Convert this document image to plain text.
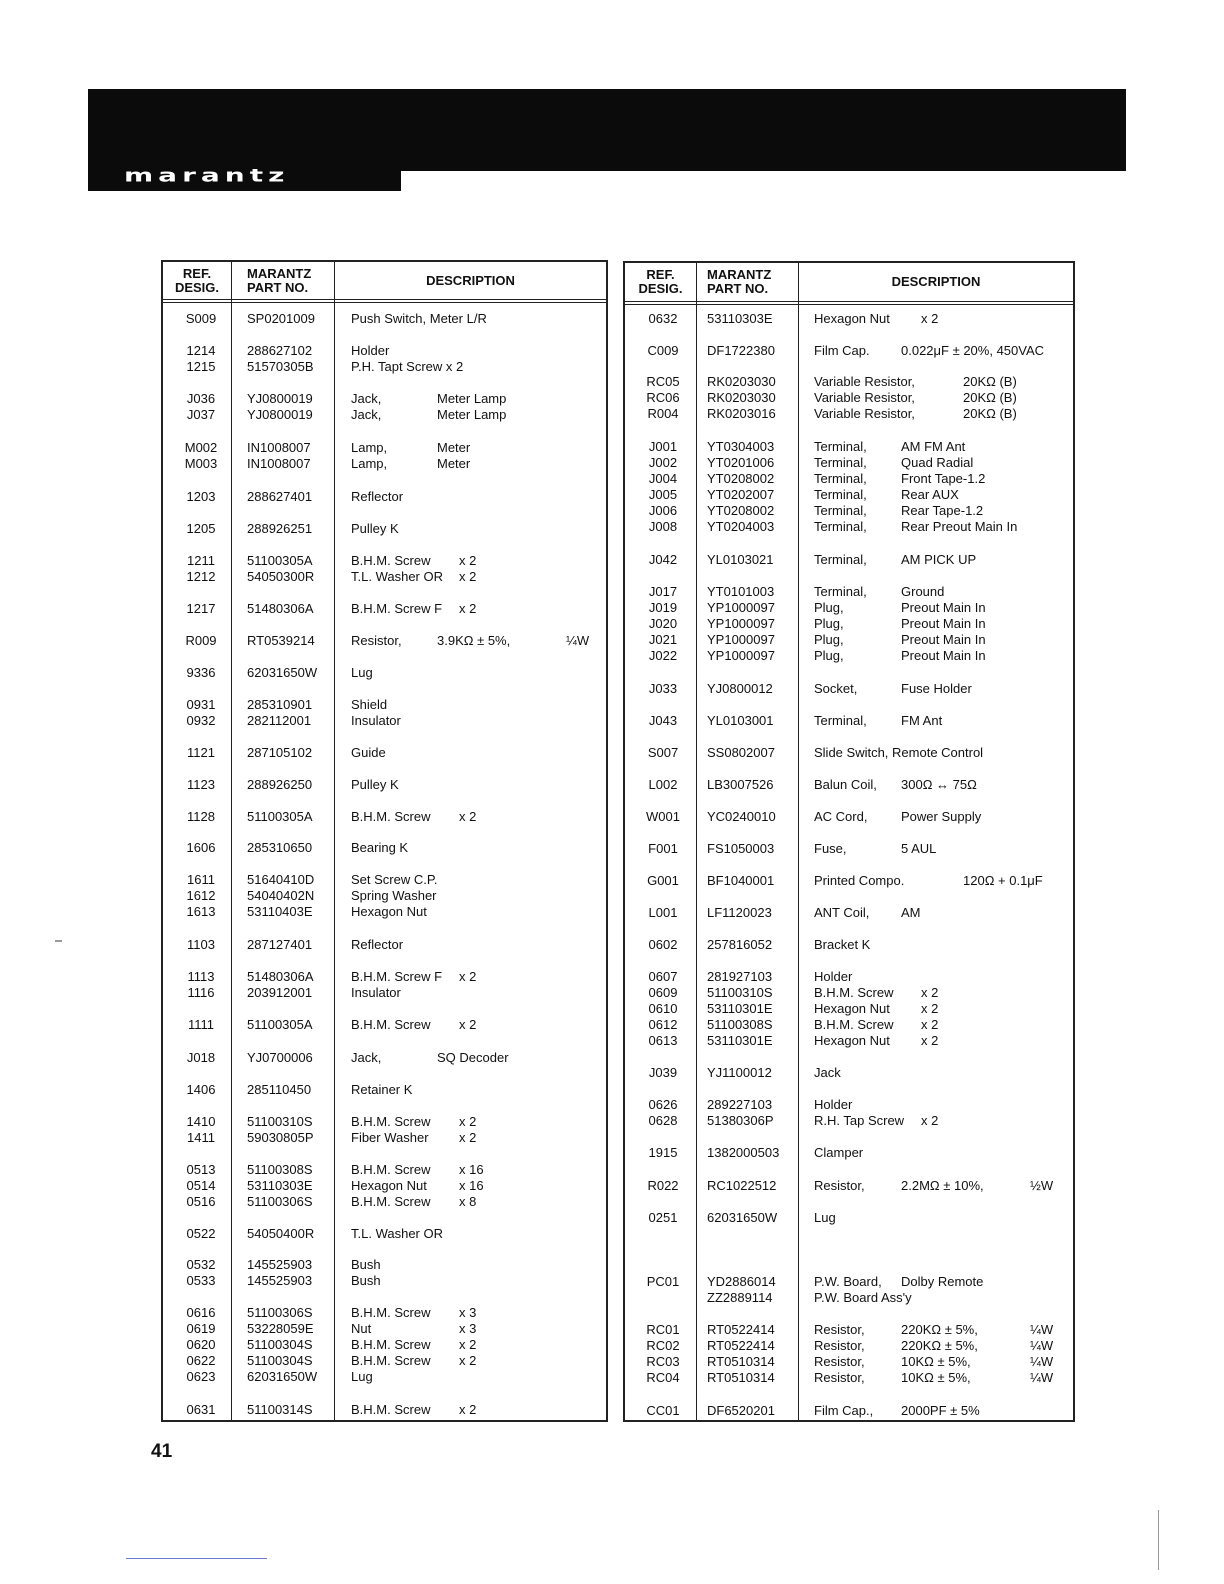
marantz
REF.
DESIG.
MARANTZ
PART NO.	DESCRIPTION
S009	SP0201009	Push Switch, Meter L/R
1214	288627102	Holder
1215	51570305B	P.H. Tapt Screw x 2
J036	YJ0800019	Jack,	Meter Lamp
J037	YJ0800019	Jack,	Meter Lamp
M002	IN1008007	Lamp,	Meter
M003	IN1008007	Lamp,	Meter
1203	288627401	Reflector
1205	288926251	Pulley K
1211	51100305A	B.H.M. Screw x 2
1212	54050300R	T.L. Washer OR x 2
1217	51480306A	B.H.M. Screw F x 2
R009	RT0539214	Resistor,	3.9KΩ ± 5%,	¼W
9336	62031650W	Lug
0931	285310901	Shield
0932	282112001	Insulator
1121	287105102	Guide
1123	288926250	Pulley K
1128	51100305A	B.H.M. Screw x 2
1606	285310650	Bearing K
1611	51640410D	Set Screw C.P.
1612	54040402N	Spring Washer
1613	53110403E	Hexagon Nut
1103	287127401	Reflector
1113	51480306A	B.H.M. Screw F x 2
1116	203912001	Insulator
1111	51100305A	B.H.M. Screw x 2
J018	YJ0700006	Jack,	SQ Decoder
1406	285110450	Retainer K
1410	51100310S	B.H.M. Screw x 2
1411	59030805P	Fiber Washer x 2
0513	51100308S	B.H.M. Screw x 16
0514	53110303E	Hexagon Nut x 16
0516	51100306S	B.H.M. Screw x 8
0522	54050400R	T.L. Washer OR
0532	145525903	Bush
0533	145525903	Bush
0616	51100306S	B.H.M. Screw x 3
0619	53228059E	Nut	x 3
0620	51100304S	B.H.M. Screw x 2
0622	51100304S	B.H.M. Screw x 2
0623	62031650W	Lug
0631	51100314S	B.H.M. Screw x 2
REF.
DESIG.
MARANTZ
PART NO.	DESCRIPTION
0632	53110303E	Hexagon Nut x 2
C009	DF1722380	Film Cap. 0.022μF ± 20%, 450VAC
RC05	RK0203030	Variable Resistor,	20KΩ (B)
RC06	RK0203030	Variable Resistor,	20KΩ (B)
R004	RK0203016	Variable Resistor,	20KΩ (B)
J001	YT0304003	Terminal,	AM FM Ant
J002	YT0201006	Terminal,	Quad Radial
J004	YT0208002	Terminal,	Front Tape-1.2
J005	YT0202007	Terminal,	Rear AUX
J006	YT0208002	Terminal,	Rear Tape-1.2
J008	YT0204003	Terminal,	Rear Preout Main In
J042	YL0103021	Terminal,	AM PICK UP
J017	YT0101003	Terminal,	Ground
J019	YP1000097	Plug,	Preout Main In
J020	YP1000097	Plug,	Preout Main In
J021	YP1000097	Plug,	Preout Main In
J022	YP1000097	Plug,	Preout Main In
J033	YJ0800012	Socket,	Fuse Holder
J043	YL0103001	Terminal,	FM Ant
S007	SS0802007	Slide Switch, Remote Control
L002	LB3007526	Balun Coil, 300Ω ↔ 75Ω
W001	YC0240010	AC Cord,	Power Supply
F001	FS1050003	Fuse,	5 AUL
G001	BF1040001	Printed Compo.	120Ω + 0.1μF
L001	LF1120023	ANT Coil, AM
0602	257816052	Bracket K
0607	281927103	Holder
0609	51100310S	B.H.M. Screw x 2
0610	53110301E	Hexagon Nut x 2
0612	51100308S	B.H.M. Screw x 2
0613	53110301E	Hexagon Nut x 2
J039	YJ1100012	Jack
0626	289227103	Holder
0628	51380306P	R.H. Tap Screw x 2
1915	1382000503	Clamper
R022	RC1022512	Resistor,	2.2MΩ ± 10%,	½W
0251	62031650W	Lug
PC01	YD2886014	P.W. Board, Dolby Remote
ZZ2889114	P.W. Board Ass'y
RC01	RT0522414	Resistor,	220KΩ ± 5%,	¼W
RC02	RT0522414	Resistor,	220KΩ ± 5%,	¼W
RC03	RT0510314	Resistor,	10KΩ ± 5%,	¼W
RC04	RT0510314	Resistor,	10KΩ ± 5%,	¼W
CC01	DF6520201	Film Cap., 2000PF ± 5%
41
